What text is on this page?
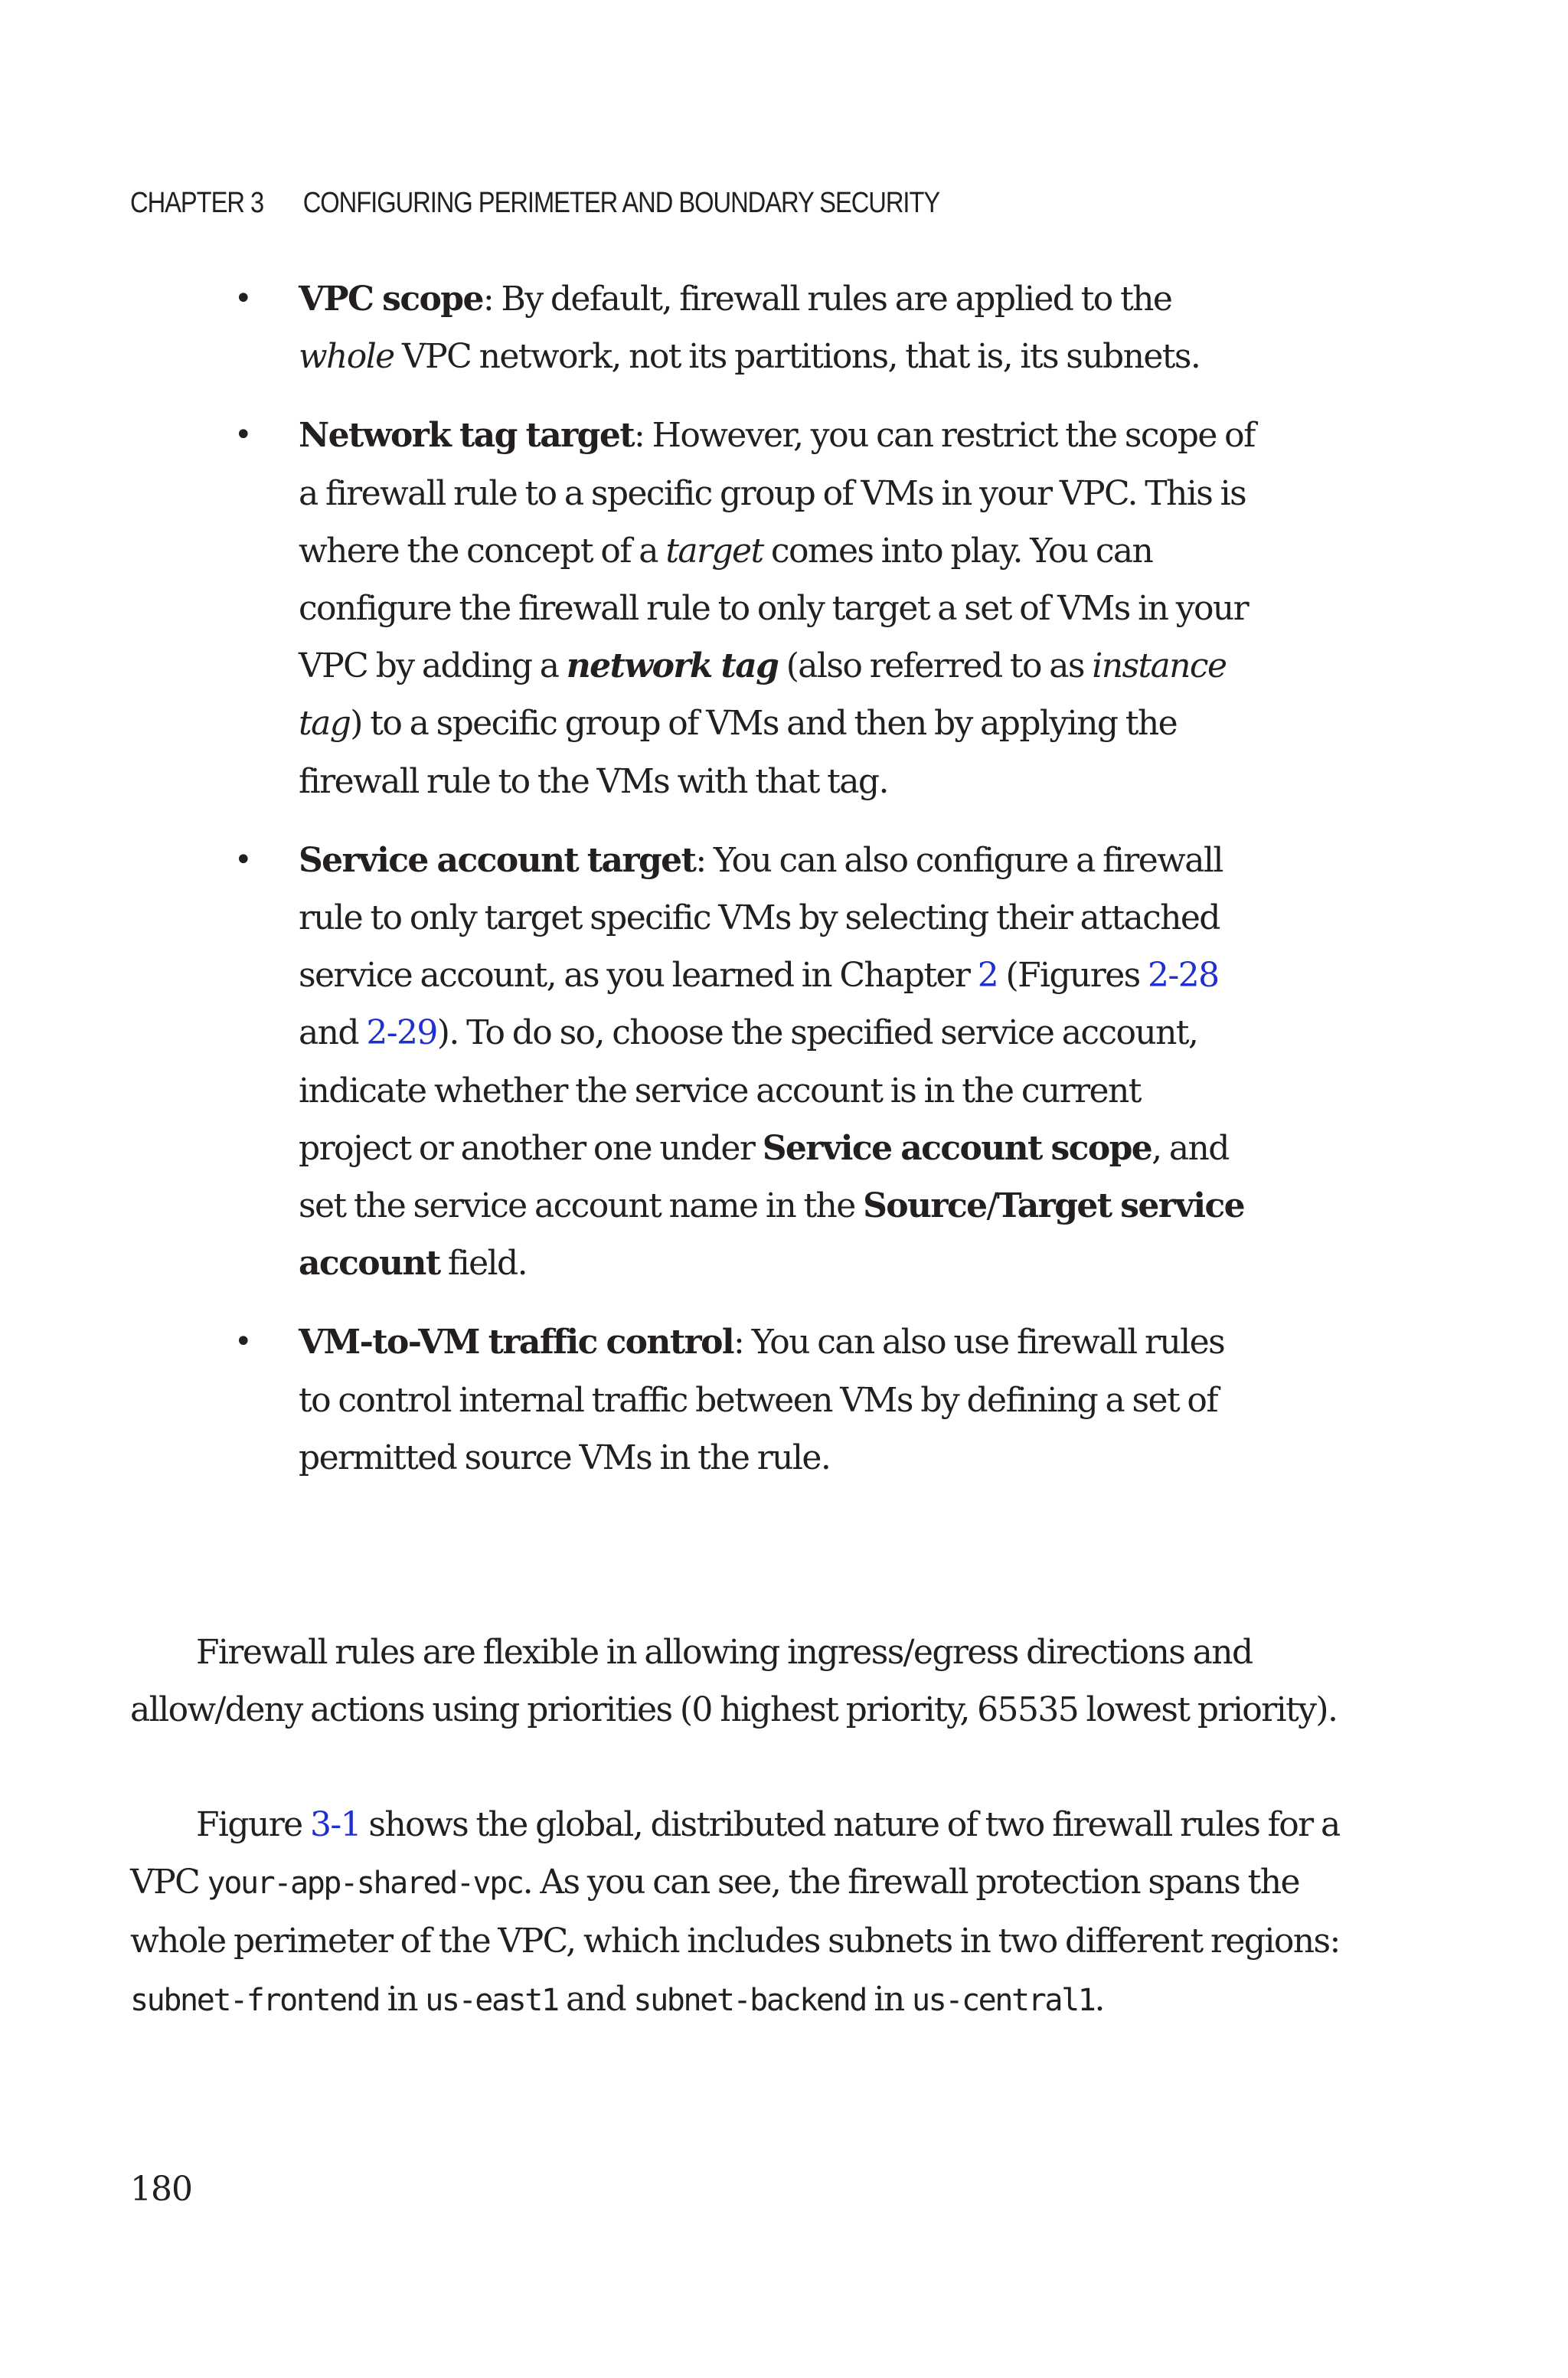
CHAPTER 3 CONFIGURING PERIMETER AND BOUNDARY SECURITY
• VPC scope: By default, firewall rules are applied to the whole VPC network, not its partitions, that is, its subnets.
• Network tag target: However, you can restrict the scope of a firewall rule to a specific group of VMs in your VPC. This is where the concept of a target comes into play. You can configure the firewall rule to only target a set of VMs in your VPC by adding a network tag (also referred to as instance tag) to a specific group of VMs and then by applying the firewall rule to the VMs with that tag.
• Service account target: You can also configure a firewall rule to only target specific VMs by selecting their attached service account, as you learned in Chapter 2 (Figures 2-28 and 2-29). To do so, choose the specified service account, indicate whether the service account is in the current project or another one under Service account scope, and set the service account name in the Source/Target service account field.
• VM-to-VM traffic control: You can also use firewall rules to control internal traffic between VMs by defining a set of permitted source VMs in the rule.

Firewall rules are flexible in allowing ingress/egress directions and allow/deny actions using priorities (0 highest priority, 65535 lowest priority).

Figure 3-1 shows the global, distributed nature of two firewall rules for a VPC your-app-shared-vpc. As you can see, the firewall protection spans the whole perimeter of the VPC, which includes subnets in two different regions: subnet-frontend in us-east1 and subnet-backend in us-central1.

180
